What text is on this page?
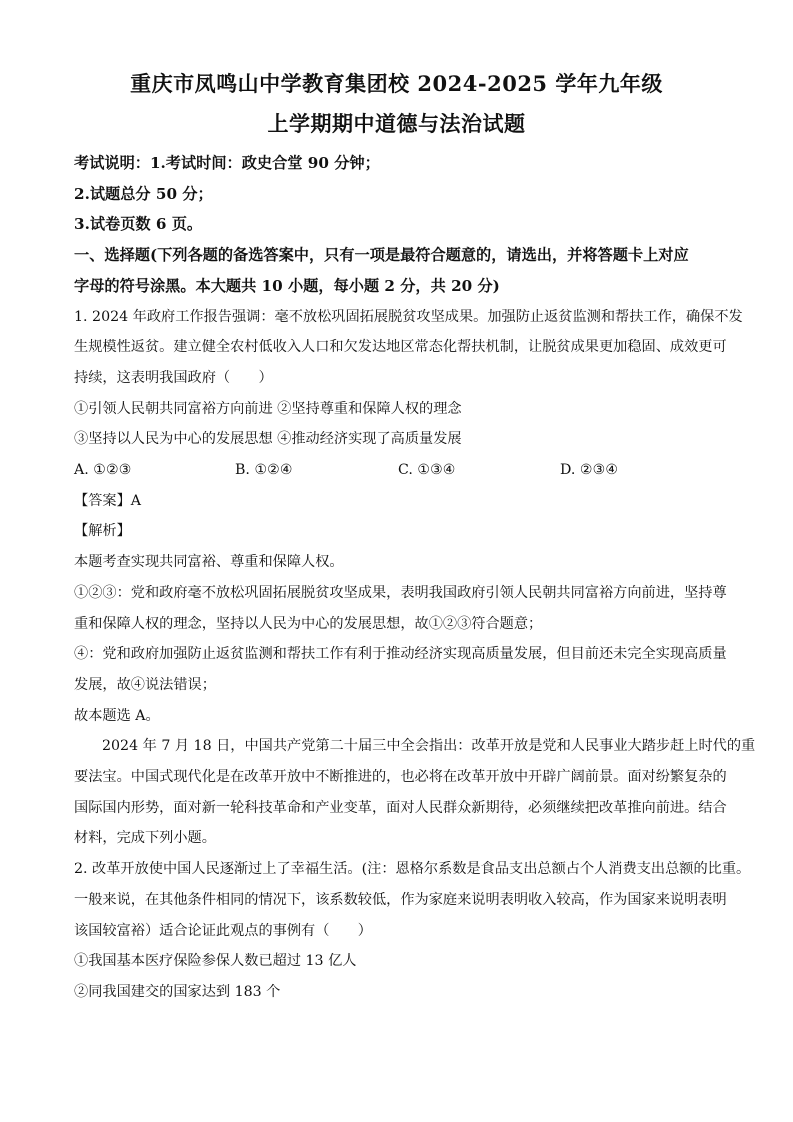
重庆市凤鸣山中学教育集团校 2024-2025 学年九年级
上学期期中道德与法治试题
考试说明：1.考试时间：政史合堂 90 分钟；
2.试题总分 50 分；
3.试卷页数 6 页。
一、选择题(下列各题的备选答案中，只有一项是最符合题意的，请选出，并将答题卡上对应
字母的符号涂黑。本大题共 10 小题，每小题 2 分，共 20 分)
1. 2024 年政府工作报告强调：毫不放松巩固拓展脱贫攻坚成果。加强防止返贫监测和帮扶工作，确保不发
生规模性返贫。建立健全农村低收入人口和欠发达地区常态化帮扶机制，让脱贫成果更加稳固、成效更可
持续，这表明我国政府（　　）
①引领人民朝共同富裕方向前进 ②坚持尊重和保障人权的理念
③坚持以人民为中心的发展思想 ④推动经济实现了高质量发展
A. ①②③	B. ①②④	C. ①③④	D. ②③④
【答案】A
【解析】
本题考查实现共同富裕、尊重和保障人权。
①②③：党和政府毫不放松巩固拓展脱贫攻坚成果，表明我国政府引领人民朝共同富裕方向前进，坚持尊
重和保障人权的理念，坚持以人民为中心的发展思想，故①②③符合题意；
④：党和政府加强防止返贫监测和帮扶工作有利于推动经济实现高质量发展，但目前还未完全实现高质量
发展，故④说法错误；
故本题选 A。
2024 年 7 月 18 日，中国共产党第二十届三中全会指出：改革开放是党和人民事业大踏步赶上时代的重
要法宝。中国式现代化是在改革开放中不断推进的，也必将在改革开放中开辟广阔前景。面对纷繁复杂的
国际国内形势，面对新一轮科技革命和产业变革，面对人民群众新期待，必须继续把改革推向前进。结合
材料，完成下列小题。
2. 改革开放使中国人民逐渐过上了幸福生活。(注：恩格尔系数是食品支出总额占个人消费支出总额的比重。
一般来说，在其他条件相同的情况下，该系数较低，作为家庭来说明表明收入较高，作为国家来说明表明
该国较富裕）适合论证此观点的事例有（　　）
①我国基本医疗保险参保人数已超过 13 亿人
②同我国建交的国家达到 183 个
